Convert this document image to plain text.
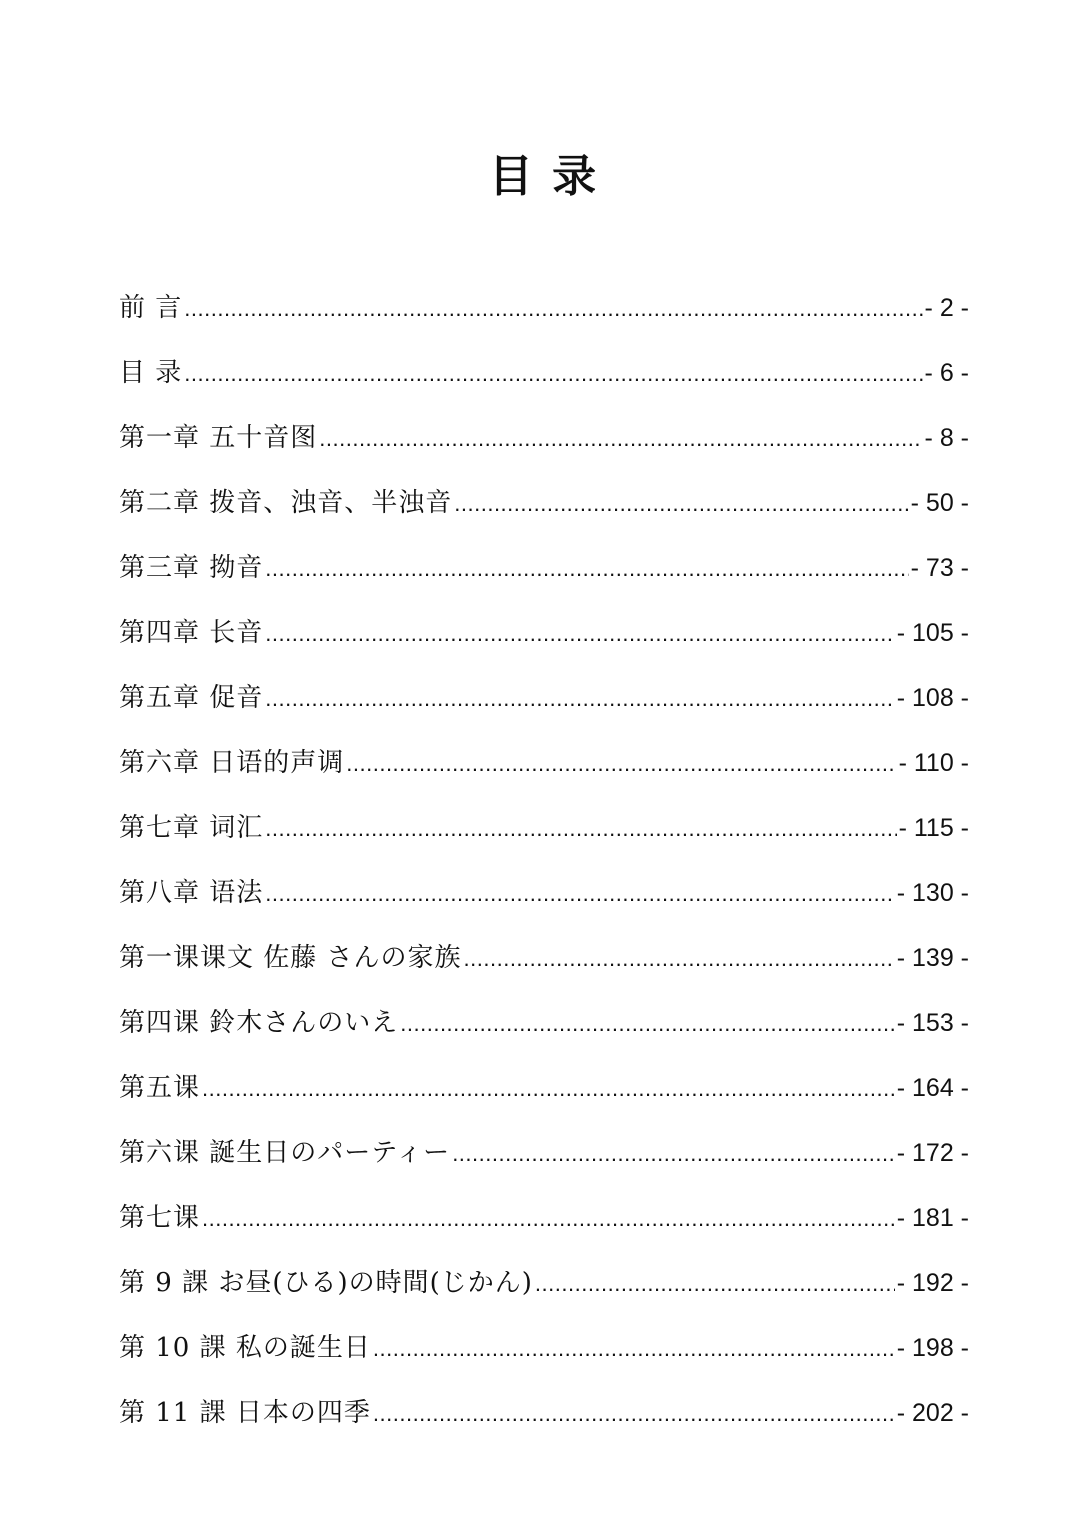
目 录
前 言 .....	- 2 -
目 录 .....	- 6 -
第一章 五十音图 .....	- 8 -
第二章 拨音、浊音、半浊音 .....	- 50 -
第三章 拗音 .....	- 73 -
第四章 长音 .....	- 105 -
第五章 促音 .....	- 108 -
第六章 日语的声调 .....	- 110 -
第七章 词汇 .....	- 115 -
第八章 语法 .....	- 130 -
第一课课文 佐藤 さんの家族 .....	- 139 -
第四课 鈴木さんのいえ .....	- 153 -
第五课 .....	- 164 -
第六课 誕生日のパーティー .....	- 172 -
第七课 .....	- 181 -
第 9 課 お昼(ひる)の時間(じかん) .....	- 192 -
第 10 課 私の誕生日 .....	- 198 -
第 11 課 日本の四季 .....	- 202 -
